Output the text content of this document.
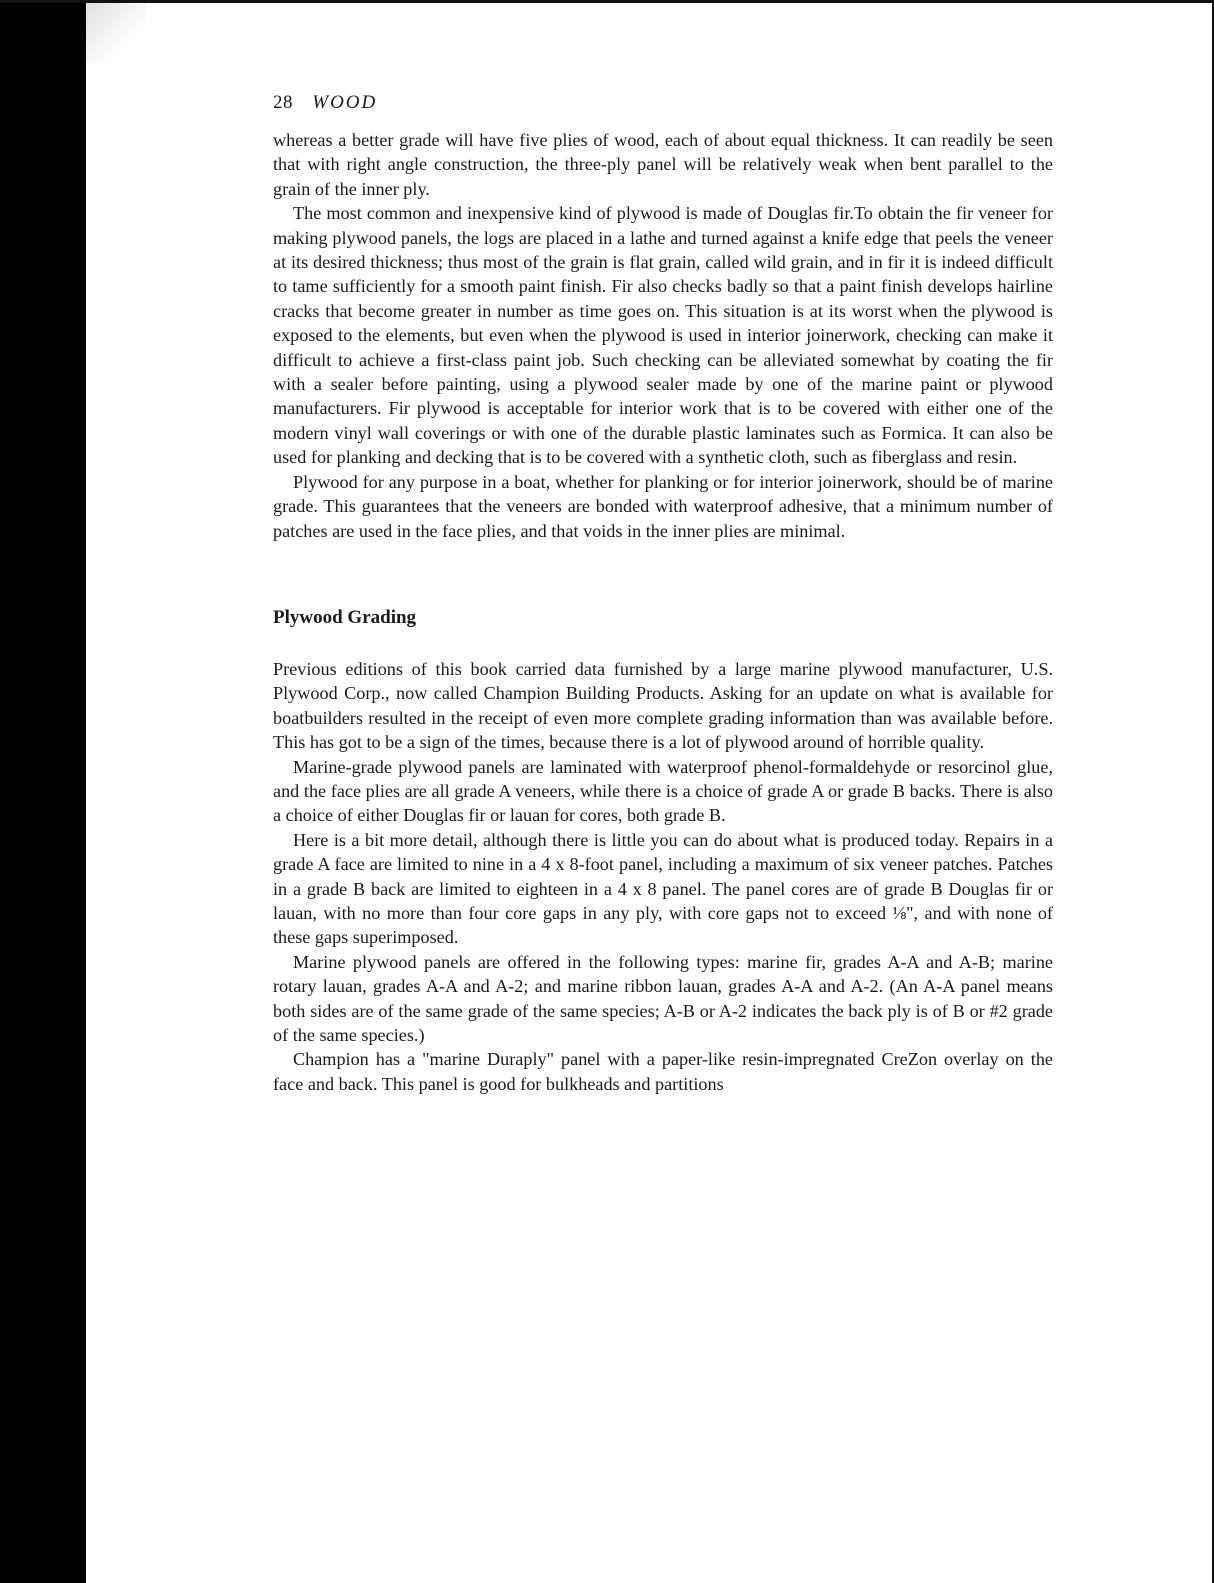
28 WOOD

whereas a better grade will have five plies of wood, each of about equal thickness. It can readily be seen that with right angle construction, the three-ply panel will be relatively weak when bent parallel to the grain of the inner ply.

The most common and inexpensive kind of plywood is made of Douglas fir.To obtain the fir veneer for making plywood panels, the logs are placed in a lathe and turned against a knife edge that peels the veneer at its desired thickness; thus most of the grain is flat grain, called wild grain, and in fir it is indeed difficult to tame sufficiently for a smooth paint finish. Fir also checks badly so that a paint finish develops hairline cracks that become greater in number as time goes on. This situation is at its worst when the plywood is exposed to the elements, but even when the plywood is used in interior joinerwork, checking can make it difficult to achieve a first-class paint job. Such checking can be alleviated somewhat by coating the fir with a sealer before painting, using a plywood sealer made by one of the marine paint or plywood manufacturers. Fir plywood is acceptable for interior work that is to be covered with either one of the modern vinyl wall coverings or with one of the durable plastic laminates such as Formica. It can also be used for planking and decking that is to be covered with a synthetic cloth, such as fiberglass and resin.

Plywood for any purpose in a boat, whether for planking or for interior joinerwork, should be of marine grade. This guarantees that the veneers are bonded with waterproof adhesive, that a minimum number of patches are used in the face plies, and that voids in the inner plies are minimal.

Plywood Grading

Previous editions of this book carried data furnished by a large marine plywood manufacturer, U.S. Plywood Corp., now called Champion Building Products. Asking for an update on what is available for boatbuilders resulted in the receipt of even more complete grading information than was available before. This has got to be a sign of the times, because there is a lot of plywood around of horrible quality.

Marine-grade plywood panels are laminated with waterproof phenol-formaldehyde or resorcinol glue, and the face plies are all grade A veneers, while there is a choice of grade A or grade B backs. There is also a choice of either Douglas fir or lauan for cores, both grade B.

Here is a bit more detail, although there is little you can do about what is produced today. Repairs in a grade A face are limited to nine in a 4 x 8-foot panel, including a maximum of six veneer patches. Patches in a grade B back are limited to eighteen in a 4 x 8 panel. The panel cores are of grade B Douglas fir or lauan, with no more than four core gaps in any ply, with core gaps not to exceed ⅛", and with none of these gaps superimposed.

Marine plywood panels are offered in the following types: marine fir, grades A-A and A-B; marine rotary lauan, grades A-A and A-2; and marine ribbon lauan, grades A-A and A-2. (An A-A panel means both sides are of the same grade of the same species; A-B or A-2 indicates the back ply is of B or #2 grade of the same species.)

Champion has a "marine Duraply" panel with a paper-like resin-impregnated CreZon overlay on the face and back. This panel is good for bulkheads and partitions
